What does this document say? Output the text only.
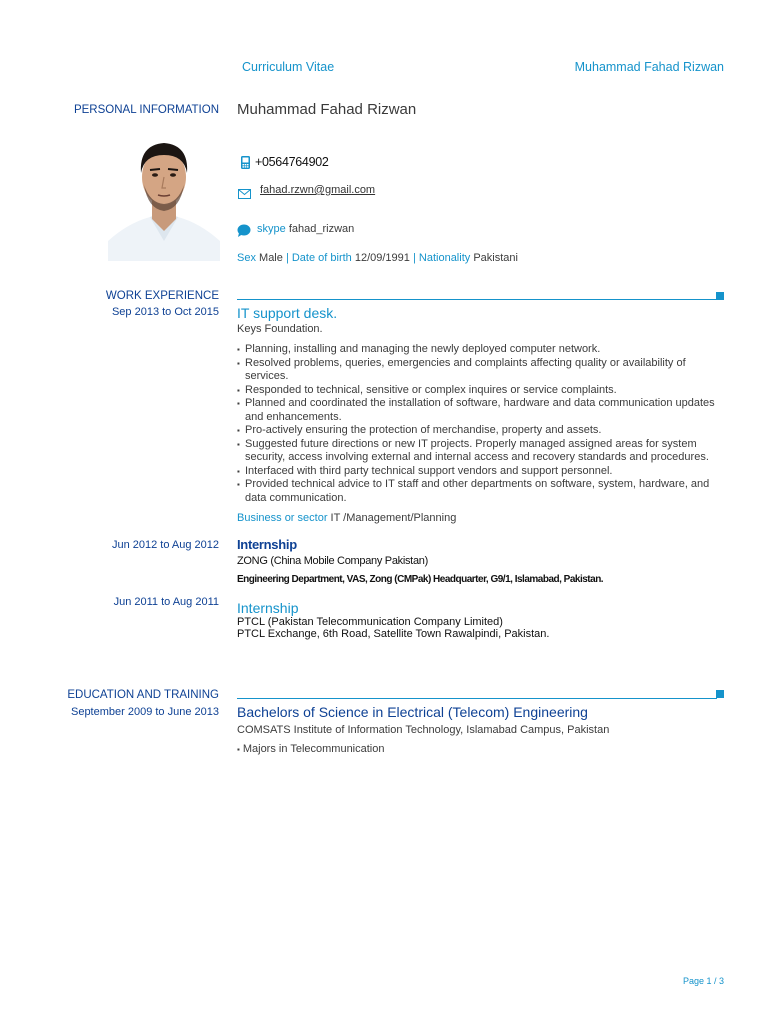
Curriculum Vitae	Muhammad Fahad Rizwan
PERSONAL INFORMATION Muhammad Fahad Rizwan
+0564764902
fahad.rzwn@gmail.com
skype fahad_rizwan
Sex Male | Date of birth 12/09/1991 | Nationality Pakistani
WORK EXPERIENCE
Sep 2013 to Oct 2015 IT support desk.
Keys Foundation.
▪ Planning, installing and managing the newly deployed computer network.
▪ Resolved problems, queries, emergencies and complaints affecting quality or availability of services.
▪ Responded to technical, sensitive or complex inquires or service complaints.
▪ Planned and coordinated the installation of software, hardware and data communication updates and enhancements.
▪ Pro-actively ensuring the protection of merchandise, property and assets.
▪ Suggested future directions or new IT projects. Properly managed assigned areas for system security, access involving external and internal access and recovery standards and procedures.
▪ Interfaced with third party technical support vendors and support personnel.
▪ Provided technical advice to IT staff and other departments on software, system, hardware, and data communication.
Business or sector IT /Management/Planning
Jun 2012 to Aug 2012 Internship
ZONG (China Mobile Company Pakistan)
Engineering Department, VAS, Zong (CMPak) Headquarter, G9/1, Islamabad, Pakistan.
Jun 2011 to Aug 2011 Internship
PTCL (Pakistan Telecommunication Company Limited)
PTCL Exchange, 6th Road, Satellite Town Rawalpindi, Pakistan.
EDUCATION AND TRAINING
September 2009 to June 2013 Bachelors of Science in Electrical (Telecom) Engineering
COMSATS Institute of Information Technology, Islamabad Campus, Pakistan
▪ Majors in Telecommunication
Page 1 / 3
